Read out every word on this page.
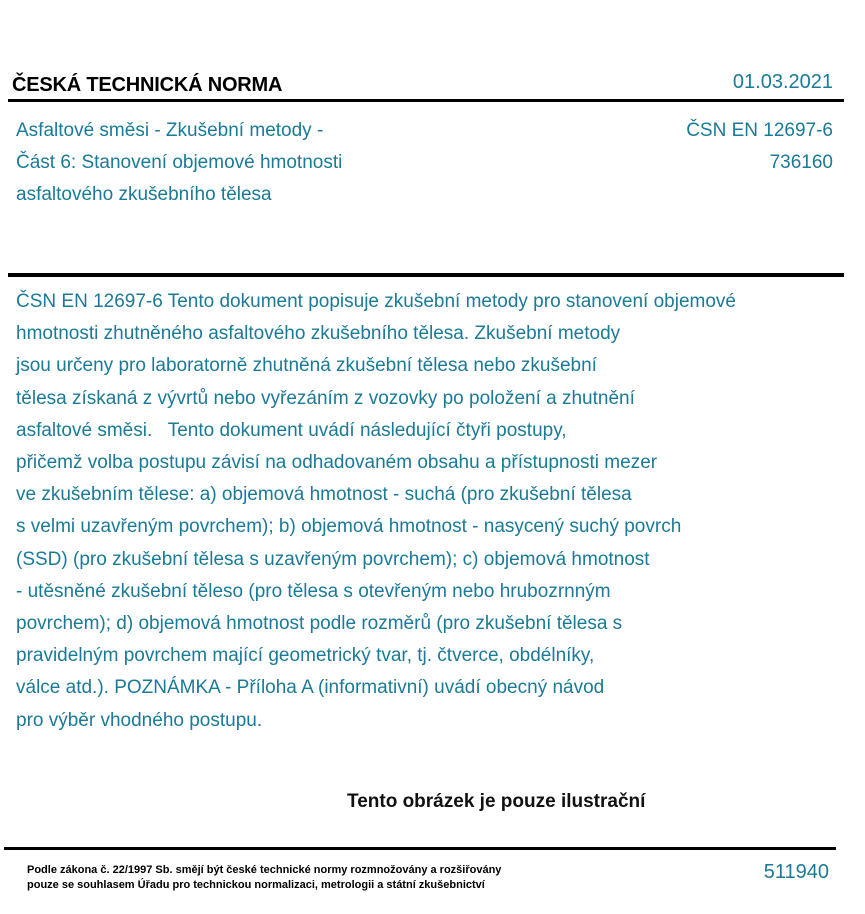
ČESKÁ TECHNICKÁ NORMA	01.03.2021
Asfaltové směsi - Zkušební metody -
Část 6: Stanovení objemové hmotnosti
asfaltového zkušebního tělesa
ČSN EN 12697-6
736160
ČSN EN 12697-6 Tento dokument popisuje zkušební metody pro stanovení objemové
hmotnosti zhutněného asfaltového zkušebního tělesa. Zkušební metody
jsou určeny pro laboratorně zhutněná zkušební tělesa nebo zkušební
tělesa získaná z vývrtů nebo vyřezáním z vozovky po položení a zhutnění
asfaltové směsi.   Tento dokument uvádí následující čtyři postupy,
přičemž volba postupu závisí na odhadovaném obsahu a přístupnosti mezer
ve zkušebním tělese: a) objemová hmotnost - suchá (pro zkušební tělesa
s velmi uzavřeným povrchem); b) objemová hmotnost - nasycený suchý povrch
(SSD) (pro zkušební tělesa s uzavřeným povrchem); c) objemová hmotnost
- utěsněné zkušební těleso (pro tělesa s otevřeným nebo hrubozrnným
povrchem); d) objemová hmotnost podle rozměrů (pro zkušební tělesa s
pravidelným povrchem mající geometrický tvar, tj. čtverce, obdélníky,
válce atd.). POZNÁMKA - Příloha A (informativní) uvádí obecný návod
pro výběr vhodného postupu.
Tento obrázek je pouze ilustrační
Podle zákona č. 22/1997 Sb. smějí být české technické normy rozmnožovány a rozšiřovány
pouze se souhlasem Úřadu pro technickou normalizaci, metrologii a státní zkušebnictví
511940
